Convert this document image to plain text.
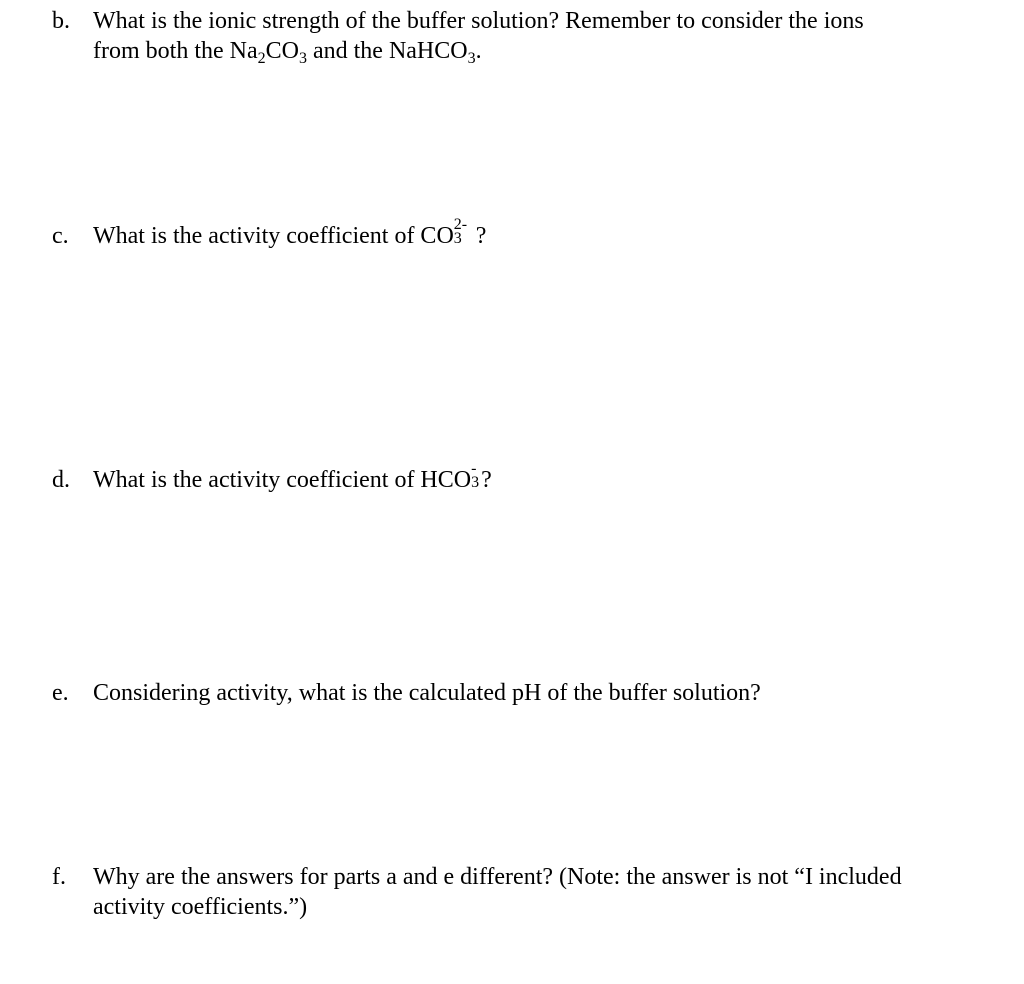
b. What is the ionic strength of the buffer solution? Remember to consider the ions
from both the $Na_2CO_3$ and the NaHCO$_3$.
c.	What is the activity coefficient of CO 2-
3 ?
d. What is the activity coefficient of HCO -
3 ?
e.	Considering activity, what is the calculated pH of the buffer solution?
f.	Why are the answers for parts a and e different? (Note: the answer is not “I included
activity coefficients.”)
